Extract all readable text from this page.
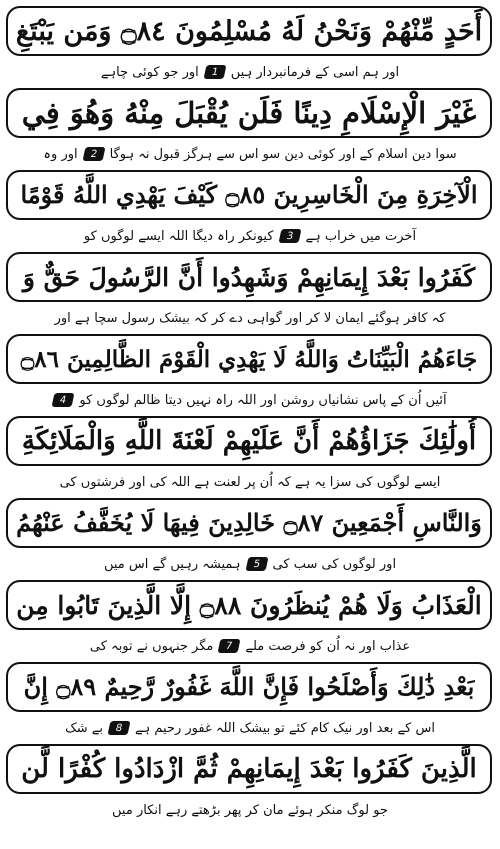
أَحَدٍ مِّنْهُمْ وَنَحْنُ لَهُ مُسْلِمُونَ ۝٨٤ وَمَن يَبْتَغِ
اور ہم اسی کے فرمانبردار ہیں
1
اور جو کوئی چاہے
غَيْرَ الْإِسْلَامِ دِينًا فَلَن يُقْبَلَ مِنْهُ وَهُوَ فِي
سوا دین اسلام کے اور کوئی دین سو اس سے ہرگز قبول نہ ہوگا
2
اور وہ
الْآخِرَةِ مِنَ الْخَاسِرِينَ ۝٨٥ كَيْفَ يَهْدِي اللَّهُ قَوْمًا
آخرت میں خراب ہے
3
کیونکر راہ دیگا اللہ ایسے لوگوں کو
كَفَرُوا بَعْدَ إِيمَانِهِمْ وَشَهِدُوا أَنَّ الرَّسُولَ حَقٌّ وَ
کہ کافر ہوگئے ایمان لا کر اور گواہی دے کر کہ بیشک رسول سچا ہے اور
جَاءَهُمُ الْبَيِّنَاتُ وَاللَّهُ لَا يَهْدِي الْقَوْمَ الظَّالِمِينَ ۝٨٦
آئیں اُن کے پاس نشانیاں روشن اور اللہ راہ نہیں دیتا ظالم لوگوں کو
4
أُولَٰئِكَ جَزَاؤُهُمْ أَنَّ عَلَيْهِمْ لَعْنَةَ اللَّهِ وَالْمَلَائِكَةِ
ایسے لوگوں کی سزا یہ ہے کہ اُن پر لعنت ہے اللہ کی اور فرشتوں کی
وَالنَّاسِ أَجْمَعِينَ ۝٨٧ خَالِدِينَ فِيهَا لَا يُخَفَّفُ عَنْهُمُ
اور لوگوں کی سب کی
5
ہمیشہ رہیں گے اس میں
الْعَذَابُ وَلَا هُمْ يُنظَرُونَ ۝٨٨ إِلَّا الَّذِينَ تَابُوا مِن
عذاب اور نہ اُن کو فرصت ملے
7
مگر جنہوں نے توبہ کی
بَعْدِ ذَٰلِكَ وَأَصْلَحُوا فَإِنَّ اللَّهَ غَفُورٌ رَّحِيمٌ ۝٨٩ إِنَّ
اس کے بعد اور نیک کام کئے تو بیشک اللہ غفور رحیم ہے
8
بے شک
الَّذِينَ كَفَرُوا بَعْدَ إِيمَانِهِمْ ثُمَّ ازْدَادُوا كُفْرًا لَّن
جو لوگ منکر ہوئے مان کر پھر بڑھتے رہے انکار میں
